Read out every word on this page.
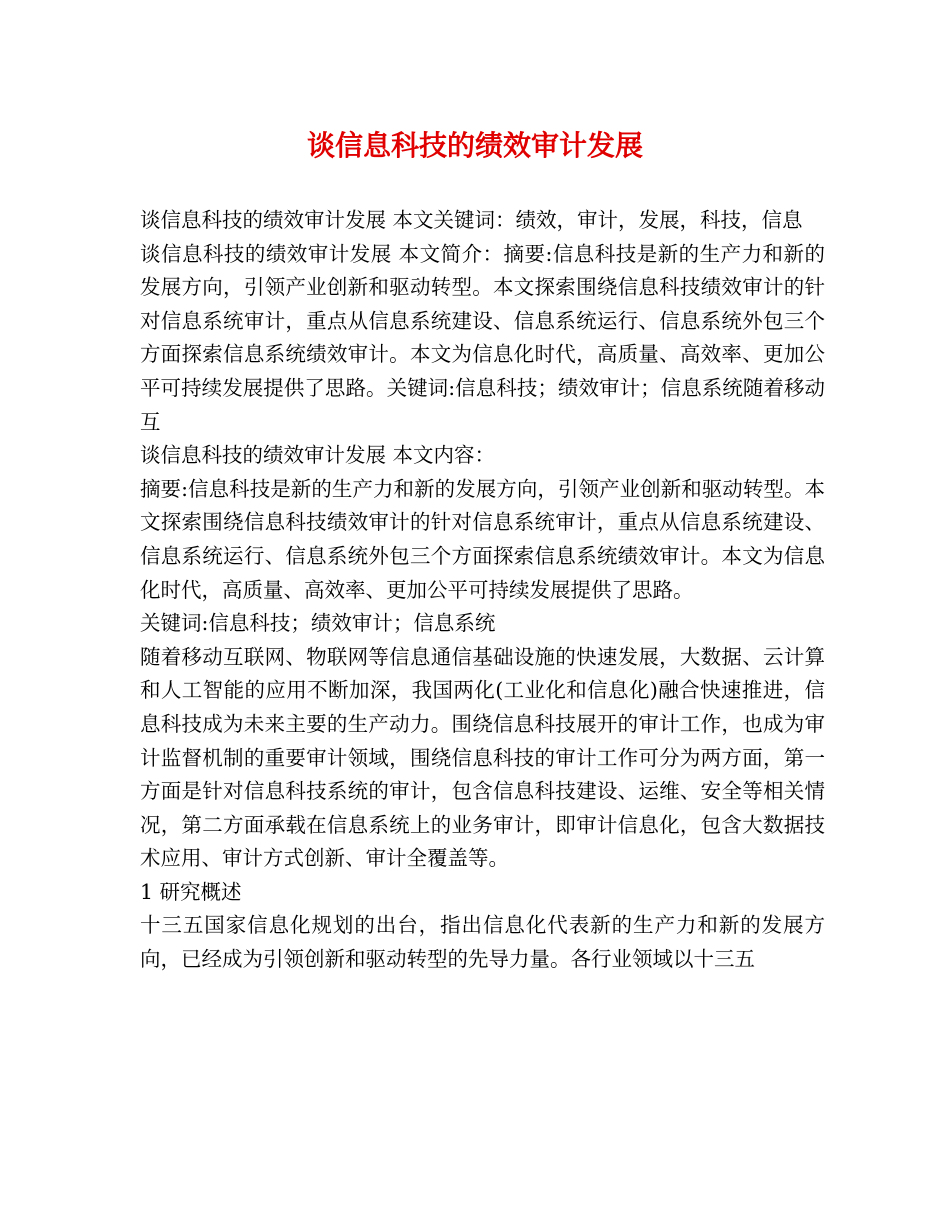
谈信息科技的绩效审计发展

谈信息科技的绩效审计发展 本文关键词：绩效，审计，发展，科技，信息

谈信息科技的绩效审计发展 本文简介：摘要:信息科技是新的生产力和新的发展方向，引领产业创新和驱动转型。本文探索围绕信息科技绩效审计的针对信息系统审计，重点从信息系统建设、信息系统运行、信息系统外包三个方面探索信息系统绩效审计。本文为信息化时代，高质量、高效率、更加公平可持续发展提供了思路。关键词:信息科技；绩效审计；信息系统随着移动互

谈信息科技的绩效审计发展 本文内容：

摘要:信息科技是新的生产力和新的发展方向，引领产业创新和驱动转型。本文探索围绕信息科技绩效审计的针对信息系统审计，重点从信息系统建设、信息系统运行、信息系统外包三个方面探索信息系统绩效审计。本文为信息化时代，高质量、高效率、更加公平可持续发展提供了思路。

关键词:信息科技；绩效审计；信息系统

随着移动互联网、物联网等信息通信基础设施的快速发展，大数据、云计算和人工智能的应用不断加深，我国两化(工业化和信息化)融合快速推进，信息科技成为未来主要的生产动力。围绕信息科技展开的审计工作，也成为审计监督机制的重要审计领域，围绕信息科技的审计工作可分为两方面，第一方面是针对信息科技系统的审计，包含信息科技建设、运维、安全等相关情况，第二方面承载在信息系统上的业务审计，即审计信息化，包含大数据技术应用、审计方式创新、审计全覆盖等。

1 研究概述

十三五国家信息化规划的出台，指出信息化代表新的生产力和新的发展方向，已经成为引领创新和驱动转型的先导力量。各行业领域以十三五
